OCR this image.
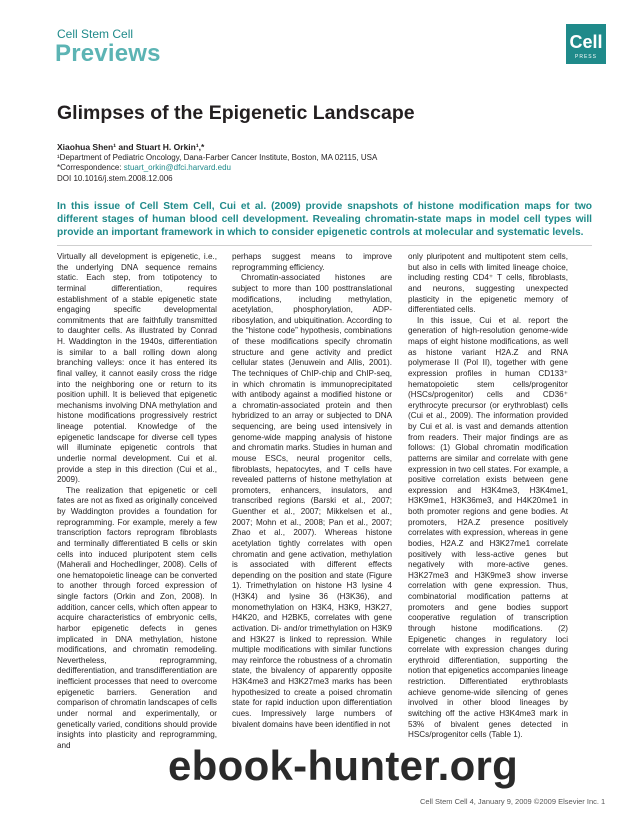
Cell Stem Cell
Previews	Cell
PRESS
Glimpses of the Epigenetic Landscape
Xiaohua Shen¹ and Stuart H. Orkin¹,*
¹Department of Pediatric Oncology, Dana-Farber Cancer Institute, Boston, MA 02115, USA
*Correspondence: stuart_orkin@dfci.harvard.edu
DOI 10.1016/j.stem.2008.12.006
In this issue of Cell Stem Cell, Cui et al. (2009) provide snapshots of histone modification maps for two different stages of human blood cell development. Revealing chromatin-state maps in model cell types will provide an important framework in which to consider epigenetic controls at molecular and systematic levels.

Virtually all development is epigenetic, i.e., the underlying DNA sequence remains static. Each step, from totipotency to terminal differentiation, requires establishment of a stable epigenetic state engaging specific developmental commitments that are faithfully transmitted to daughter cells. As illustrated by Conrad H. Waddington in the 1940s, differentiation is similar to a ball rolling down along branching valleys: once it has entered its final valley, it cannot easily cross the ridge into the neighboring one or return to its position uphill. It is believed that epigenetic mechanisms involving DNA methylation and histone modifications progressively restrict lineage potential. Knowledge of the epigenetic landscape for diverse cell types will illuminate epigenetic controls that underlie normal development. Cui et al. provide a step in this direction (Cui et al., 2009).

The realization that epigenetic or cell fates are not as fixed as originally conceived by Waddington provides a foundation for reprogramming. For example, merely a few transcription factors reprogram fibroblasts and terminally differentiated B cells or skin cells into induced pluripotent stem cells (Maherali and Hochedlinger, 2008). Cells of one hematopoietic lineage can be converted to another through forced expression of single factors (Orkin and Zon, 2008). In addition, cancer cells, which often appear to acquire characteristics of embryonic cells, harbor epigenetic defects in genes implicated in DNA methylation, histone modifications, and chromatin remodeling. Nevertheless, reprogramming, dedifferentiation, and transdifferentiation are inefficient processes that need to overcome epigenetic barriers. Generation and comparison of chromatin landscapes of cells under normal and experimentally, or genetically varied, conditions should provide insights into plasticity and reprogramming, and

perhaps suggest means to improve reprogramming efficiency.

Chromatin-associated histones are subject to more than 100 posttranslational modifications, including methylation, acetylation, phosphorylation, ADP-ribosylation, and ubiquitination. According to the “histone code” hypothesis, combinations of these modifications specify chromatin structure and gene activity and predict cellular states (Jenuwein and Allis, 2001). The techniques of ChIP-chip and ChIP-seq, in which chromatin is immunoprecipitated with antibody against a modified histone or a chromatin-associated protein and then hybridized to an array or subjected to DNA sequencing, are being used intensively in genome-wide mapping analysis of histone and chromatin marks. Studies in human and mouse ESCs, neural progenitor cells, fibroblasts, hepatocytes, and T cells have revealed patterns of histone methylation at promoters, enhancers, insulators, and transcribed regions (Barski et al., 2007; Guenther et al., 2007; Mikkelsen et al., 2007; Mohn et al., 2008; Pan et al., 2007; Zhao et al., 2007). Whereas histone acetylation tightly correlates with open chromatin and gene activation, methylation is associated with different effects depending on the position and state (Figure 1). Trimethylation on histone H3 lysine 4 (H3K4) and lysine 36 (H3K36), and monomethylation on H3K4, H3K9, H3K27, H4K20, and H2BK5, correlates with gene activation. Di- and/or trimethylation on H3K9 and H3K27 is linked to repression. While multiple modifications with similar functions may reinforce the robustness of a chromatin state, the bivalency of apparently opposite H3K4me3 and H3K27me3 marks has been hypothesized to create a poised chromatin state for rapid induction upon differentiation cues. Impressively large numbers of bivalent domains have been identified in not

only pluripotent and multipotent stem cells, but also in cells with limited lineage choice, including resting CD4⁺ T cells, fibroblasts, and neurons, suggesting unexpected plasticity in the epigenetic memory of differentiated cells.

In this issue, Cui et al. report the generation of high-resolution genome-wide maps of eight histone modifications, as well as histone variant H2A.Z and RNA polymerase II (Pol II), together with gene expression profiles in human CD133⁺ hematopoietic stem cells/progenitor (HSCs/progenitor) cells and CD36⁺ erythrocyte precursor (or erythroblast) cells (Cui et al., 2009). The information provided by Cui et al. is vast and demands attention from readers. Their major findings are as follows: (1) Global chromatin modification patterns are similar and correlate with gene expression in two cell states. For example, a positive correlation exists between gene expression and H3K4me3, H3K4me1, H3K9me1, H3K36me3, and H4K20me1 in both promoter regions and gene bodies. At promoters, H2A.Z presence positively correlates with expression, whereas in gene bodies, H2A.Z and H3K27me1 correlate positively with less-active genes but negatively with more-active genes. H3K27me3 and H3K9me3 show inverse correlation with gene expression. Thus, combinatorial modification patterns at promoters and gene bodies support cooperative regulation of transcription through histone modifications. (2) Epigenetic changes in regulatory loci correlate with expression changes during erythroid differentiation, supporting the notion that epigenetics accompanies lineage restriction. Differentiated erythroblasts achieve genome-wide silencing of genes involved in other blood lineages by switching off the active H3K4me3 mark in 53% of bivalent genes detected in HSCs/progenitor cells (Table 1).

Cell Stem Cell 4, January 9, 2009 ©2009 Elsevier Inc. 1
ebook-hunter.org
